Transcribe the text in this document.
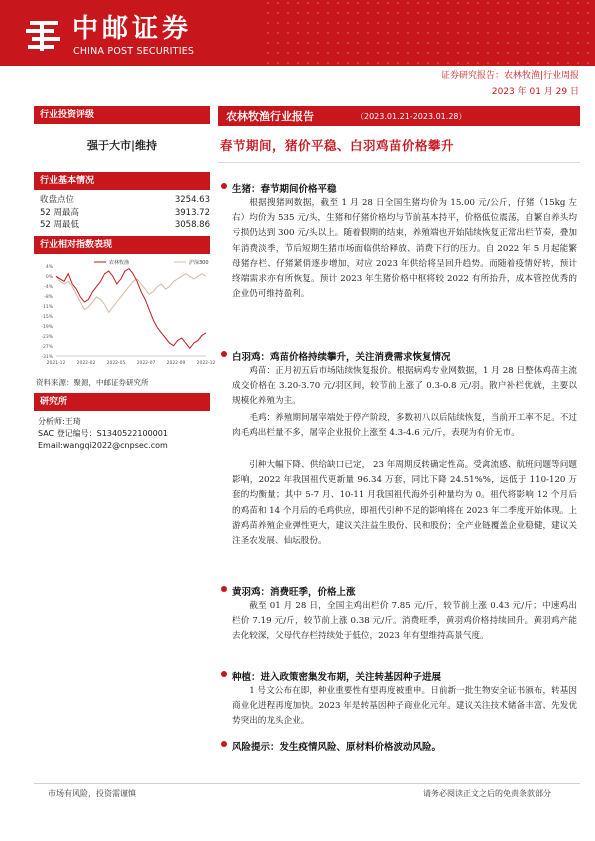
中邮证券
CHINA POST SECURITIES
证券研究报告：农林牧渔|行业周报
2023 年 01 月 29 日
行业投资评级
强于大市|维持
行业基本情况
收盘点位	3254.63
52 周最高	3913.72
52 周最低	3058.86
行业相对指数表现
4%
0%
-4%
-8%
-11%
-15%
-19%
-23%
-27%
-31%
2021-12 2022-02 2022-05 2022-07 2022-09 2022-12
农林牧渔	沪深300
资料来源：聚源，中邮证券研究所
研究所
分析师:王琦
SAC 登记编号：S1340522100001
Email:wangqi2022@cnpsec.com
农林牧渔行业报告	（2023.01.21-2023.01.28）
春节期间，猪价平稳、白羽鸡苗价格攀升
生猪：春节期间价格平稳

根据搜猪网数据，截至 1 月 28 日全国生猪均价为 15.00 元/公斤，仔猪（15kg 左右）均价为 535 元/头，生猪和仔猪价格均与节前基本持平，价格低位震荡，自繁自养头均亏损仍达到 300 元/头以上。随着假期的结束，养殖端也开始陆续恢复正常出栏节奏，叠加年消费淡季，节后短期生猪市场面临供给释放、消费下行的压力。自 2022 年 5 月起能繁母猪存栏、仔猪紧俏逐步增加，对应 2023 年供给将呈回升趋势。而随着疫情好转，预计终端需求亦有所恢复。预计 2023 年生猪价格中枢将较 2022 有所抬升，成本管控优秀的企业仍可维持盈利。

白羽鸡：鸡苗价格持续攀升，关注消费需求恢复情况

鸡苗：正月初五后市场陆续恢复报价。根据病鸡专业网数据，1 月 28 日整体鸡苗主流成交价格在 3.20-3.70 元/羽区间，较节前上涨了 0.3-0.8 元/羽。散户补栏优就，主要以规模化养殖为主。

毛鸡：养殖期间屠宰端处于停产阶段，多数初八以后陆续恢复，当前开工率不足。不过肉毛鸡出栏量不多，屠宰企业报价上涨至 4.3-4.6 元/斤，表现为有价无市。

引种大幅下降、供给缺口已定， 23 年周期反转确定性高。受禽流感、航班问题等问题影响，2022 年我国祖代更新量 96.34 万套，同比下降 24.51%%，远低于 110-120 万套的均衡量；其中 5-7 月、10-11 月我国祖代海外引种量均为 0。祖代将影响 12 个月后的鸡苗和 14 个月后的毛鸡供应，即祖代引种不足的影响将在 2023 年二季度开始体现。上游鸡苗养殖企业弹性更大，建议关注益生股份、民和股份；全产业链覆盖企业稳健，建议关注圣农发展、仙坛股份。

黄羽鸡：消费旺季，价格上涨

截至 01 月 28 日，全国主鸡出栏价 7.85 元/斤，较节前上涨 0.43 元/斤；中速鸡出栏价 7.19 元/斤，较节前上涨 0.38 元/斤。消费旺季，黄羽鸡价格持续回升。黄羽鸡产能去化较深，父母代存栏持续处于低位，2023 年有望维持高景气度。

种植：进入政策密集发布期，关注转基因种子进展

1 号文公布在即，种业重要性有望再度被重申。日前新一批生物安全证书颁布，转基因商业化进程再度加快。2023 年是转基因种子商业化元年。建议关注技术储备丰富、先发优势突出的龙头企业。

风险提示：发生疫情风险、原材料价格波动风险。
市场有风险，投资需谨慎	请务必阅读正文之后的免责条款部分
